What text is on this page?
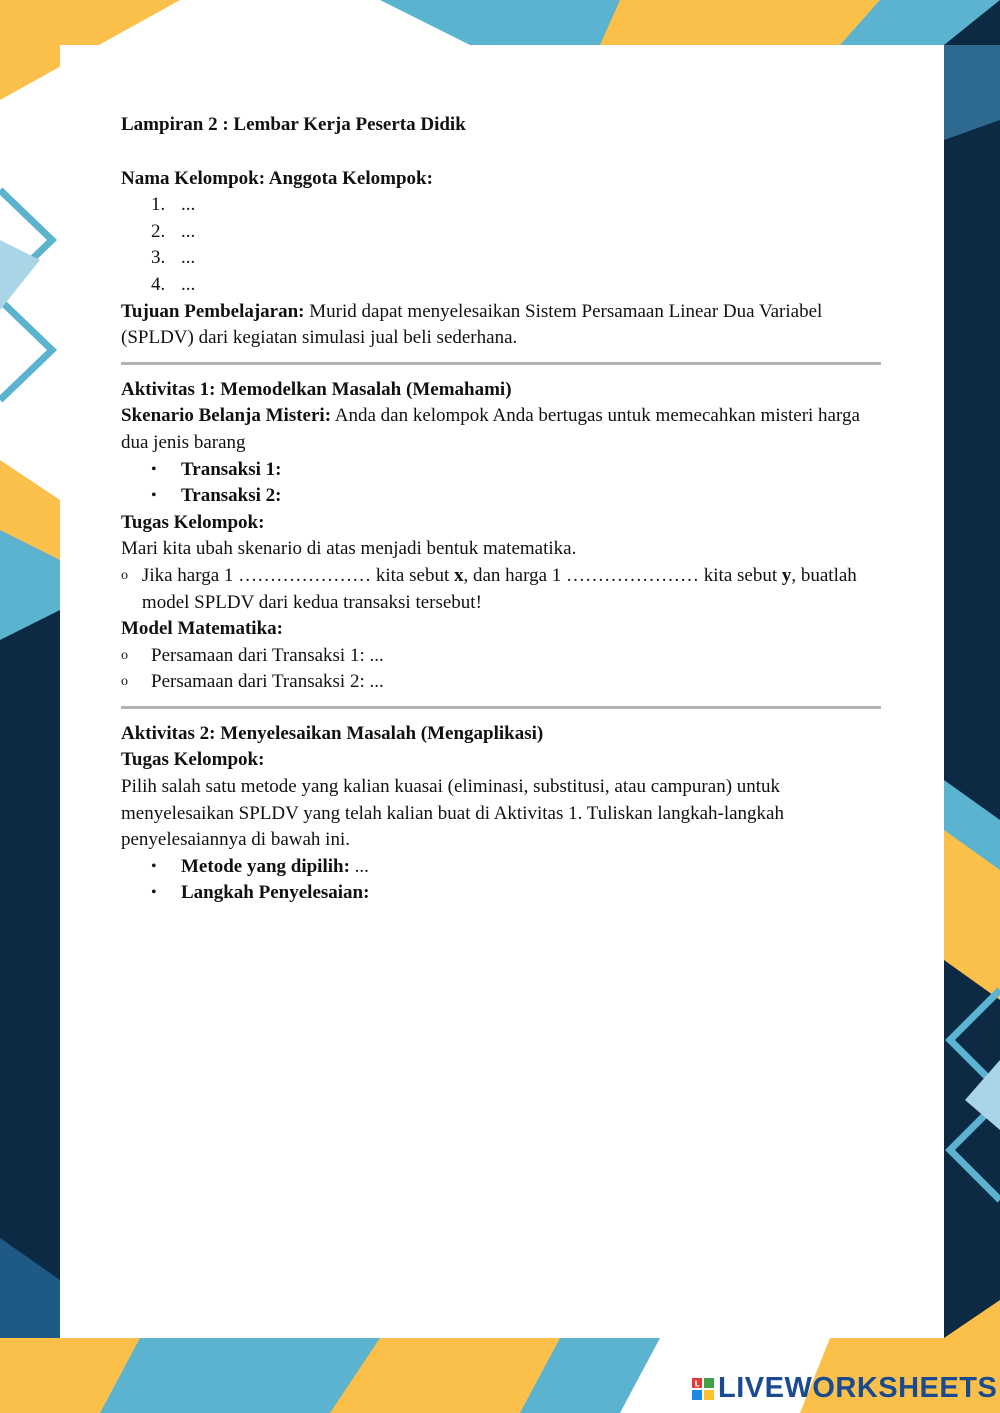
Lampiran 2 : Lembar Kerja Peserta Didik

Nama Kelompok: Anggota Kelompok:

1. ...
2. ...
3. ...
4. ...

Tujuan Pembelajaran: Murid dapat menyelesaikan Sistem Persamaan Linear Dua Variabel (SPLDV) dari kegiatan simulasi jual beli sederhana.

Aktivitas 1: Memodelkan Masalah (Memahami)

Skenario Belanja Misteri: Anda dan kelompok Anda bertugas untuk memecahkan misteri harga dua jenis barang

•	Transaksi 1:
•	Transaksi 2:

Tugas Kelompok:

Mari kita ubah skenario di atas menjadi bentuk matematika.

o Jika harga 1 ………………… kita sebut x, dan harga 1 ………………… kita sebut y, buatlah model SPLDV dari kedua transaksi tersebut!

Model Matematika:

o	Persamaan dari Transaksi 1: ...
o	Persamaan dari Transaksi 2: ...

Aktivitas 2: Menyelesaikan Masalah (Mengaplikasi)

Tugas Kelompok:

Pilih salah satu metode yang kalian kuasai (eliminasi, substitusi, atau campuran) untuk menyelesaikan SPLDV yang telah kalian buat di Aktivitas 1. Tuliskan langkah-langkah penyelesaiannya di bawah ini.

•	Metode yang dipilih: ...
•	Langkah Penyelesaian:
L LIVEWORKSHEETS
